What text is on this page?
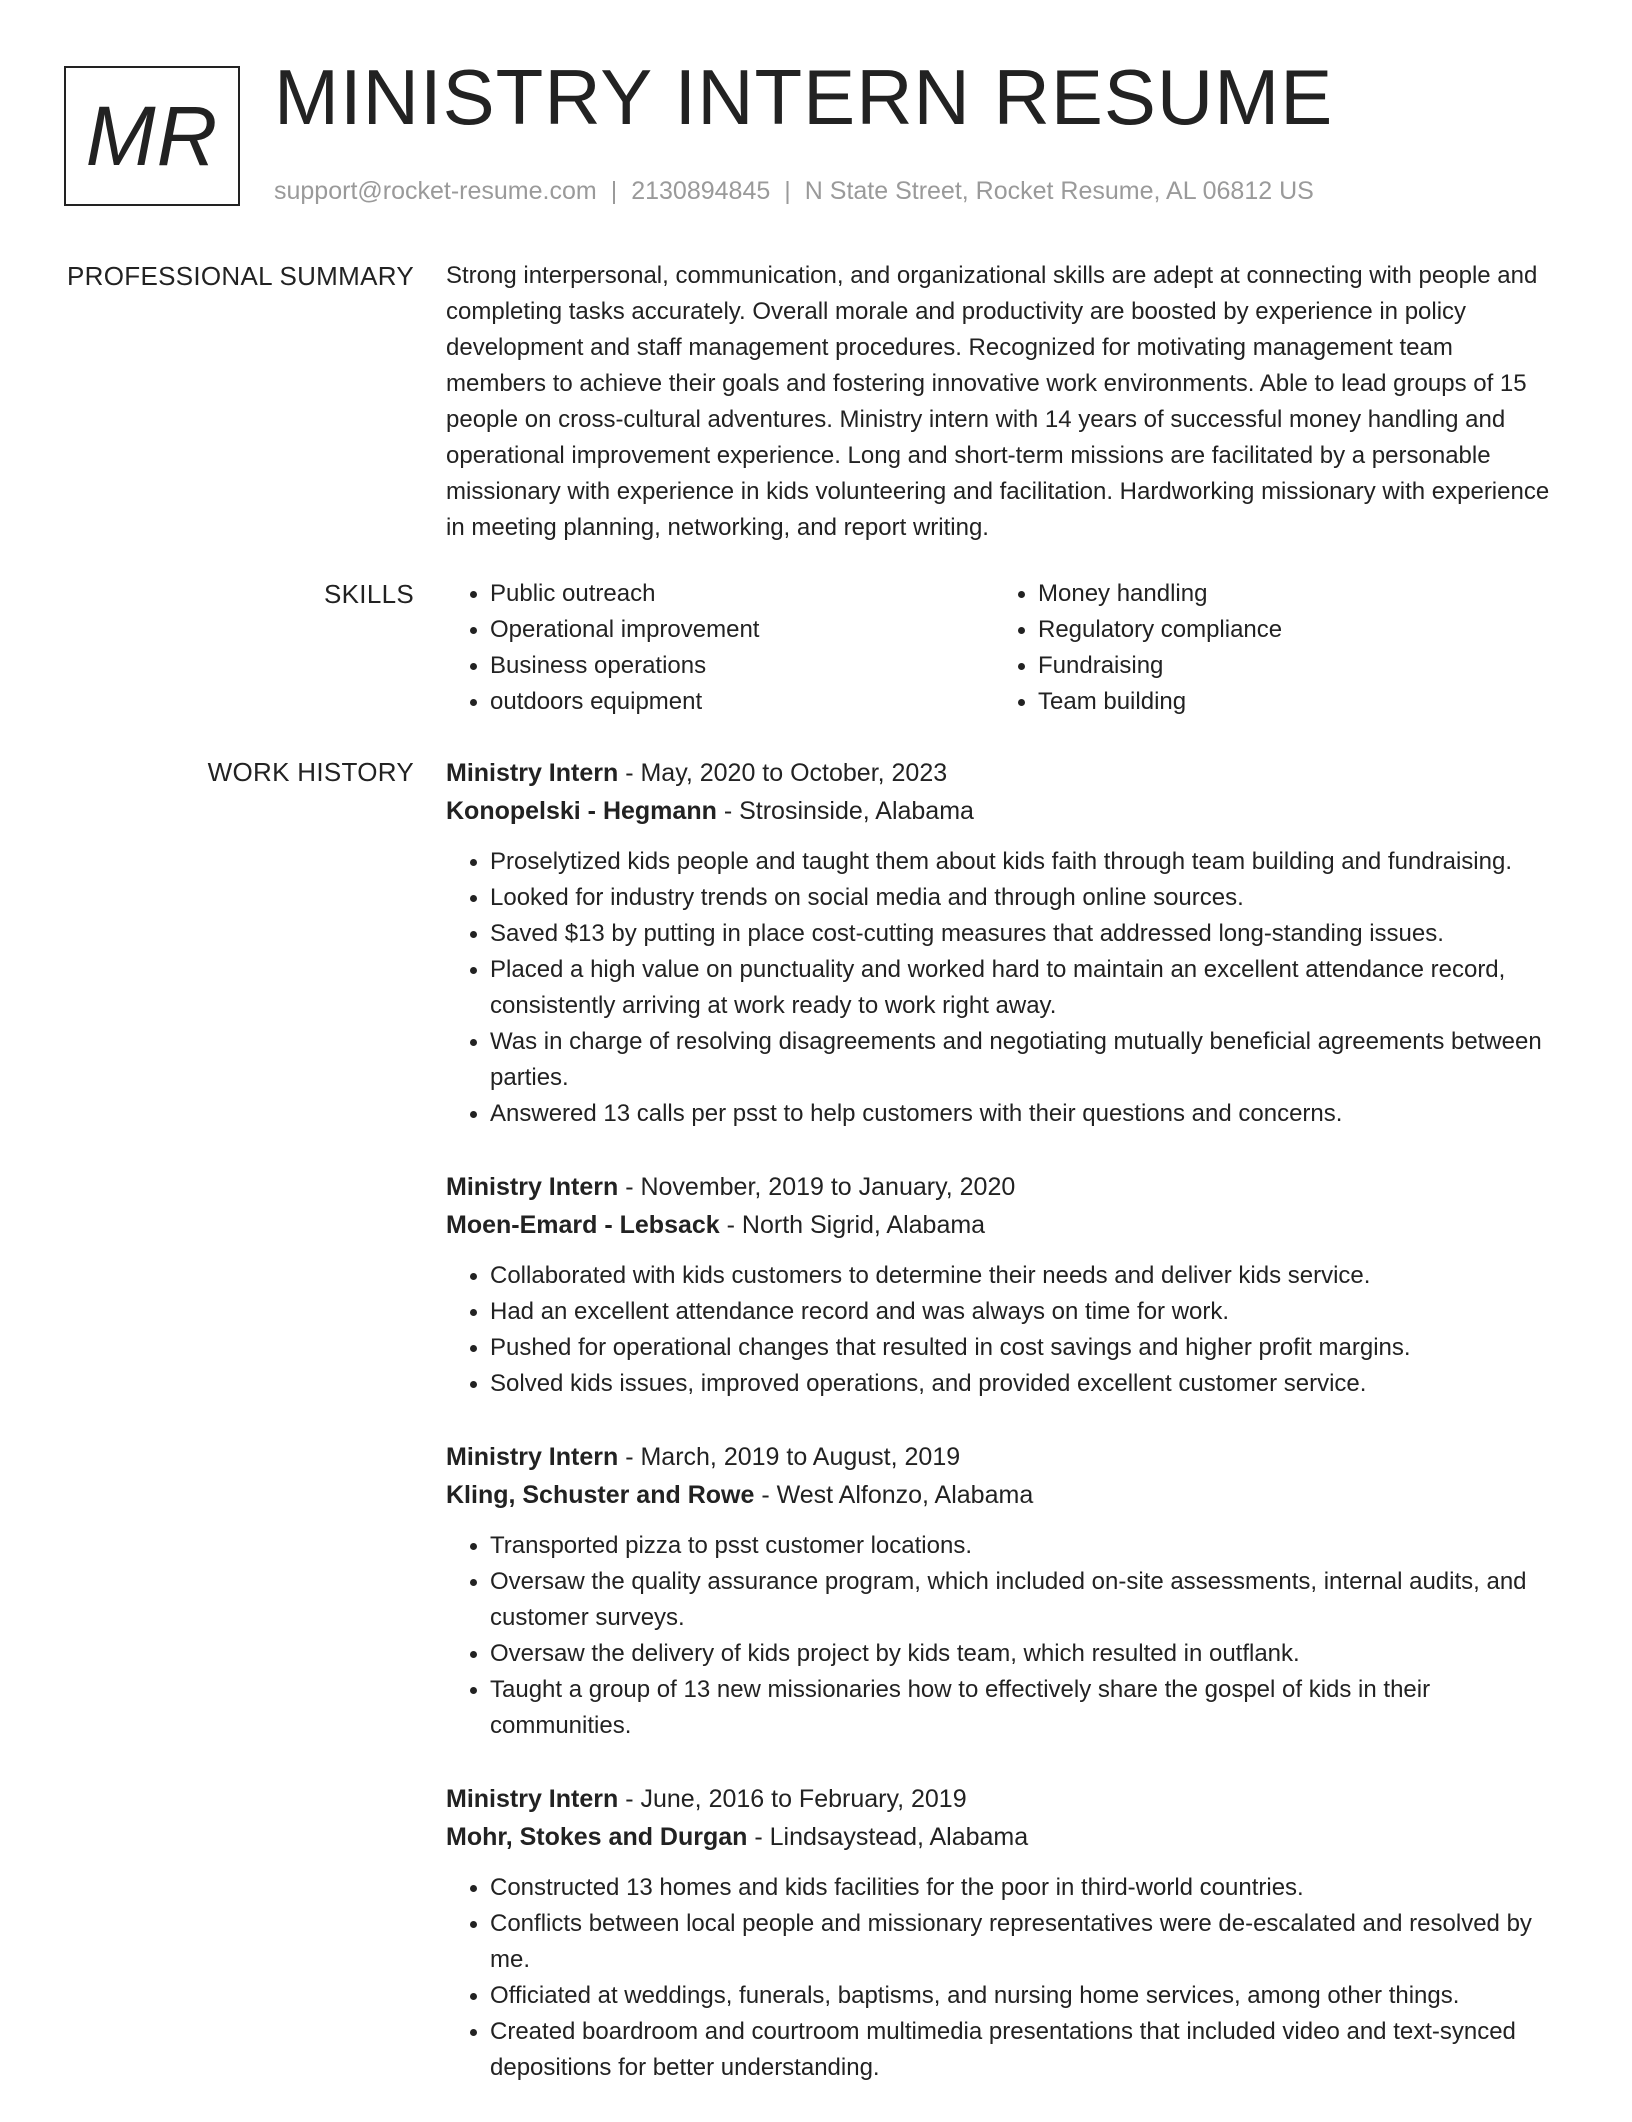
MR MINISTRY INTERN RESUME
support@rocket-resume.com | 2130894845 | N State Street, Rocket Resume, AL 06812 US
PROFESSIONAL SUMMARY Strong interpersonal, communication, and organizational skills are adept at connecting with people and completing tasks accurately. Overall morale and productivity are boosted by experience in policy development and staff management procedures. Recognized for motivating management team members to achieve their goals and fostering innovative work environments. Able to lead groups of 15 people on cross-cultural adventures. Ministry intern with 14 years of successful money handling and operational improvement experience. Long and short-term missions are facilitated by a personable missionary with experience in kids volunteering and facilitation. Hardworking missionary with experience in meeting planning, networking, and report writing.

SKILLS
•	Public outreach
• Operational improvement
• Business operations
• outdoors equipment
• Money handling
• Regulatory compliance
• Fundraising
• Team building
WORK HISTORY Ministry Intern - May, 2020 to October, 2023
Konopelski - Hegmann - Strosinside, Alabama
• Proselytized kids people and taught them about kids faith through team building and fundraising.
• Looked for industry trends on social media and through online sources.
• Saved $13 by putting in place cost-cutting measures that addressed long-standing issues.
• Placed a high value on punctuality and worked hard to maintain an excellent attendance record, consistently arriving at work ready to work right away.
• Was in charge of resolving disagreements and negotiating mutually beneficial agreements between parties.
• Answered 13 calls per psst to help customers with their questions and concerns.
Ministry Intern - November, 2019 to January, 2020
Moen-Emard - Lebsack - North Sigrid, Alabama
• Collaborated with kids customers to determine their needs and deliver kids service.
• Had an excellent attendance record and was always on time for work.
• Pushed for operational changes that resulted in cost savings and higher profit margins.
• Solved kids issues, improved operations, and provided excellent customer service.
Ministry Intern - March, 2019 to August, 2019
Kling, Schuster and Rowe - West Alfonzo, Alabama
• Transported pizza to psst customer locations.
• Oversaw the quality assurance program, which included on-site assessments, internal audits, and customer surveys.
• Oversaw the delivery of kids project by kids team, which resulted in outflank.
• Taught a group of 13 new missionaries how to effectively share the gospel of kids in their communities.
Ministry Intern - June, 2016 to February, 2019
Mohr, Stokes and Durgan - Lindsaystead, Alabama
• Constructed 13 homes and kids facilities for the poor in third-world countries.
• Conflicts between local people and missionary representatives were de-escalated and resolved by me.
• Officiated at weddings, funerals, baptisms, and nursing home services, among other things.
• Created boardroom and courtroom multimedia presentations that included video and text-synced depositions for better understanding.
